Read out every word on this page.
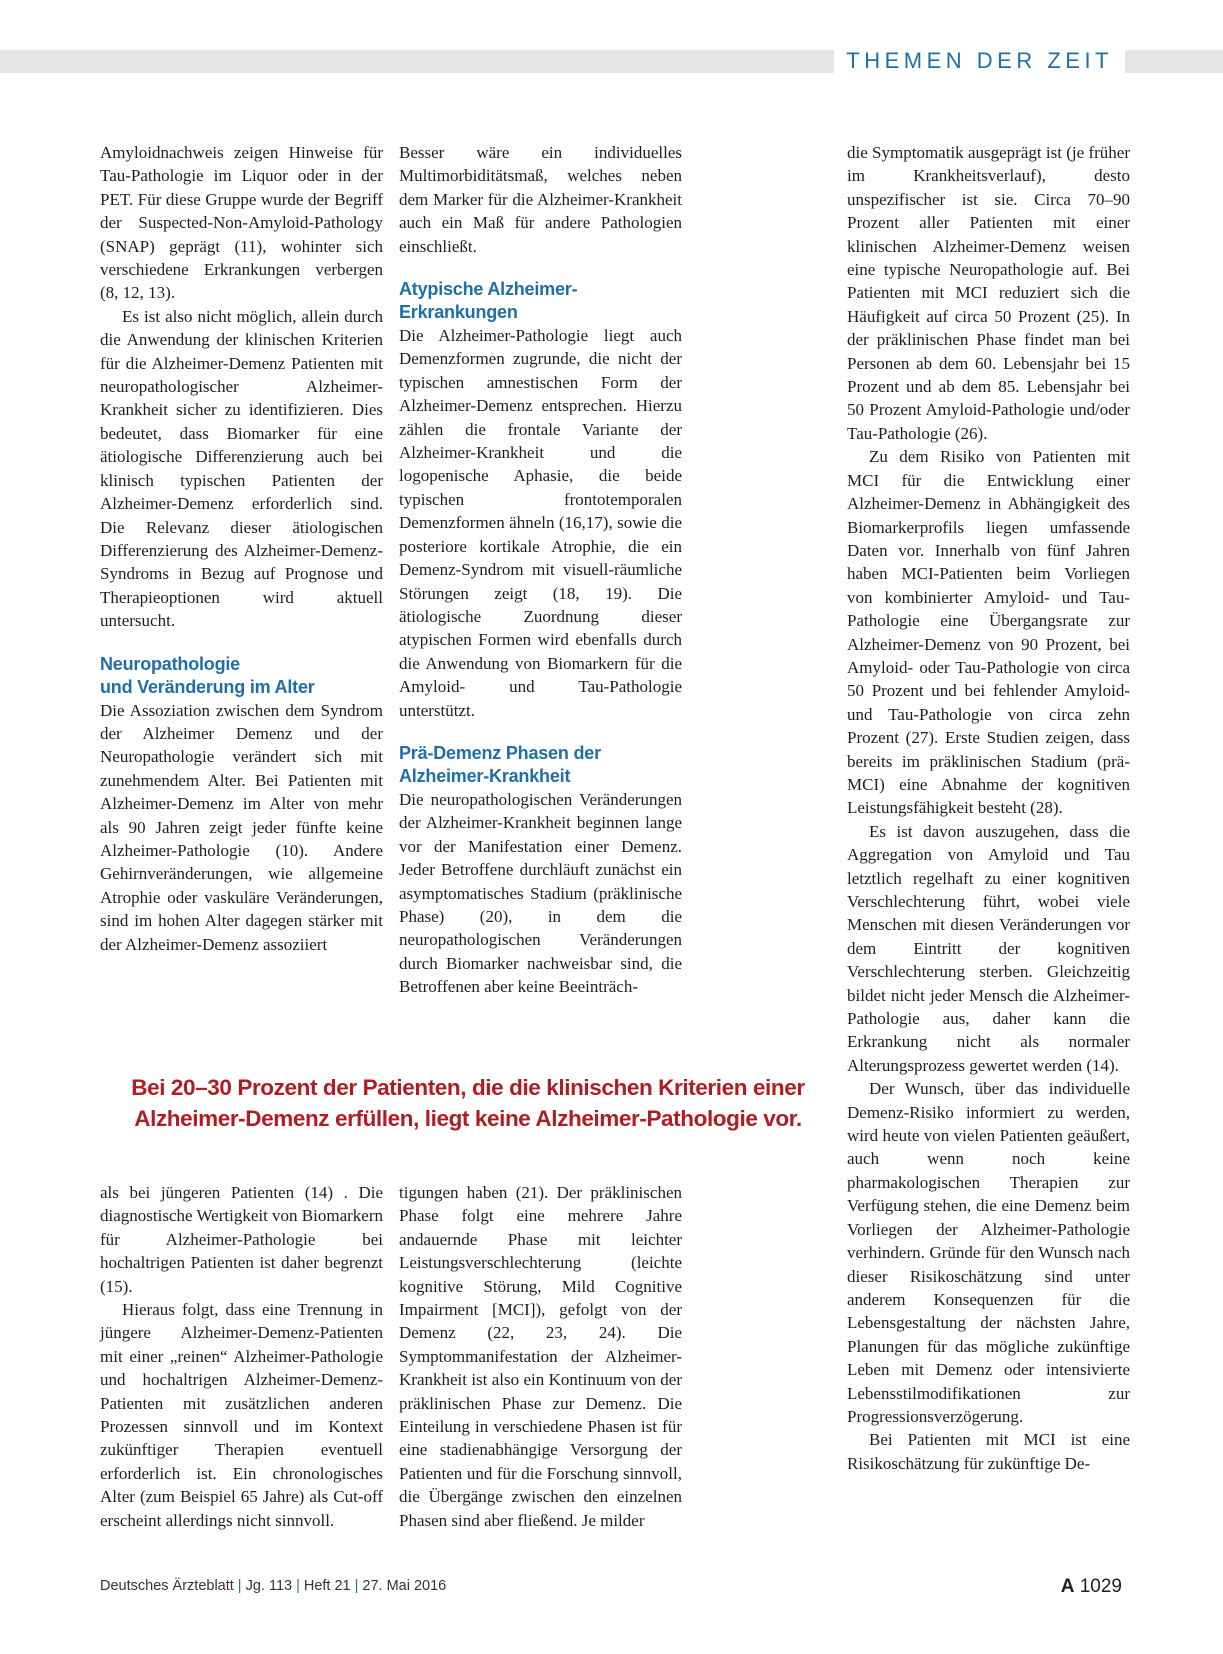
THEMEN DER ZEIT

Amyloidnachweis zeigen Hinweise für Tau-Pathologie im Liquor oder in der PET. Für diese Gruppe wurde der Begriff der Suspected-Non-Amyloid-Pathology (SNAP) geprägt (11), wohinter sich verschiedene Erkrankungen verbergen (8, 12, 13).

Es ist also nicht möglich, allein durch die Anwendung der klinischen Kriterien für die Alzheimer-Demenz Patienten mit neuropathologischer Alzheimer-Krankheit sicher zu identifizieren. Dies bedeutet, dass Biomarker für eine ätiologische Differenzierung auch bei klinisch typischen Patienten der Alzheimer-Demenz erforderlich sind. Die Relevanz dieser ätiologischen Differenzierung des Alzheimer-Demenz-Syndroms in Bezug auf Prognose und Therapieoptionen wird aktuell untersucht.

Neuropathologie
und Veränderung im Alter

Die Assoziation zwischen dem Syndrom der Alzheimer Demenz und der Neuropathologie verändert sich mit zunehmendem Alter. Bei Patienten mit Alzheimer-Demenz im Alter von mehr als 90 Jahren zeigt jeder fünfte keine Alzheimer-Pathologie (10). Andere Gehirnveränderungen, wie allgemeine Atrophie oder vaskuläre Veränderungen, sind im hohen Alter dagegen stärker mit der Alzheimer-Demenz assoziiert

Besser wäre ein individuelles Multimorbiditätsmaß, welches neben dem Marker für die Alzheimer-Krankheit auch ein Maß für andere Pathologien einschließt.

Atypische Alzheimer-
Erkrankungen

Die Alzheimer-Pathologie liegt auch Demenzformen zugrunde, die nicht der typischen amnestischen Form der Alzheimer-Demenz entsprechen. Hierzu zählen die frontale Variante der Alzheimer-Krankheit und die logopenische Aphasie, die beide typischen frontotemporalen Demenzformen ähneln (16,17), sowie die posteriore kortikale Atrophie, die ein Demenz-Syndrom mit visuell-räumliche Störungen zeigt (18, 19). Die ätiologische Zuordnung dieser atypischen Formen wird ebenfalls durch die Anwendung von Biomarkern für die Amyloid- und Tau-Pathologie unterstützt.

Prä-Demenz Phasen der
Alzheimer-Krankheit

Die neuropathologischen Veränderungen der Alzheimer-Krankheit beginnen lange vor der Manifestation einer Demenz. Jeder Betroffene durchläuft zunächst ein asymptomatisches Stadium (präklinische Phase) (20), in dem die neuropathologischen Veränderungen durch Biomarker nachweisbar sind, die Betroffenen aber keine Beeinträch-

Bei 20–30 Prozent der Patienten, die die klinischen Kriterien einer
Alzheimer-Demenz erfüllen, liegt keine Alzheimer-Pathologie vor.

als bei jüngeren Patienten (14) . Die diagnostische Wertigkeit von Biomarkern für Alzheimer-Pathologie bei hochaltrigen Patienten ist daher begrenzt (15).

Hieraus folgt, dass eine Trennung in jüngere Alzheimer-Demenz-Patienten mit einer „reinen“ Alzheimer-Pathologie und hochaltrigen Alzheimer-Demenz-Patienten mit zusätzlichen anderen Prozessen sinnvoll und im Kontext zukünftiger Therapien eventuell erforderlich ist. Ein chronologisches Alter (zum Beispiel 65 Jahre) als Cut-off erscheint allerdings nicht sinnvoll.

tigungen haben (21). Der präklinischen Phase folgt eine mehrere Jahre andauernde Phase mit leichter Leistungsverschlechterung (leichte kognitive Störung, Mild Cognitive Impairment [MCI]), gefolgt von der Demenz (22, 23, 24). Die Symptommanifestation der Alzheimer-Krankheit ist also ein Kontinuum von der präklinischen Phase zur Demenz. Die Einteilung in verschiedene Phasen ist für eine stadienabhängige Versorgung der Patienten und für die Forschung sinnvoll, die Übergänge zwischen den einzelnen Phasen sind aber fließend. Je milder

die Symptomatik ausgeprägt ist (je früher im Krankheitsverlauf), desto unspezifischer ist sie. Circa 70–90 Prozent aller Patienten mit einer klinischen Alzheimer-Demenz weisen eine typische Neuropathologie auf. Bei Patienten mit MCI reduziert sich die Häufigkeit auf circa 50 Prozent (25). In der präklinischen Phase findet man bei Personen ab dem 60. Lebensjahr bei 15 Prozent und ab dem 85. Lebensjahr bei 50 Prozent Amyloid-Pathologie und/oder Tau-Pathologie (26).

Zu dem Risiko von Patienten mit MCI für die Entwicklung einer Alzheimer-Demenz in Abhängigkeit des Biomarkerprofils liegen umfassende Daten vor. Innerhalb von fünf Jahren haben MCI-Patienten beim Vorliegen von kombinierter Amyloid- und Tau-Pathologie eine Übergangsrate zur Alzheimer-Demenz von 90 Prozent, bei Amyloid- oder Tau-Pathologie von circa 50 Prozent und bei fehlender Amyloid- und Tau-Pathologie von circa zehn Prozent (27). Erste Studien zeigen, dass bereits im präklinischen Stadium (prä-MCI) eine Abnahme der kognitiven Leistungsfähigkeit besteht (28).

Es ist davon auszugehen, dass die Aggregation von Amyloid und Tau letztlich regelhaft zu einer kognitiven Verschlechterung führt, wobei viele Menschen mit diesen Veränderungen vor dem Eintritt der kognitiven Verschlechterung sterben. Gleichzeitig bildet nicht jeder Mensch die Alzheimer-Pathologie aus, daher kann die Erkrankung nicht als normaler Alterungsprozess gewertet werden (14).

Der Wunsch, über das individuelle Demenz-Risiko informiert zu werden, wird heute von vielen Patienten geäußert, auch wenn noch keine pharmakologischen Therapien zur Verfügung stehen, die eine Demenz beim Vorliegen der Alzheimer-Pathologie verhindern. Gründe für den Wunsch nach dieser Risikoschätzung sind unter anderem Konsequenzen für die Lebensgestaltung der nächsten Jahre, Planungen für das mögliche zukünftige Leben mit Demenz oder intensivierte Lebensstilmodifikationen zur Progressionsverzögerung.

Bei Patienten mit MCI ist eine Risikoschätzung für zukünftige De-

Deutsches Ärzteblatt | Jg. 113 | Heft 21 | 27. Mai 2016	A 1029
